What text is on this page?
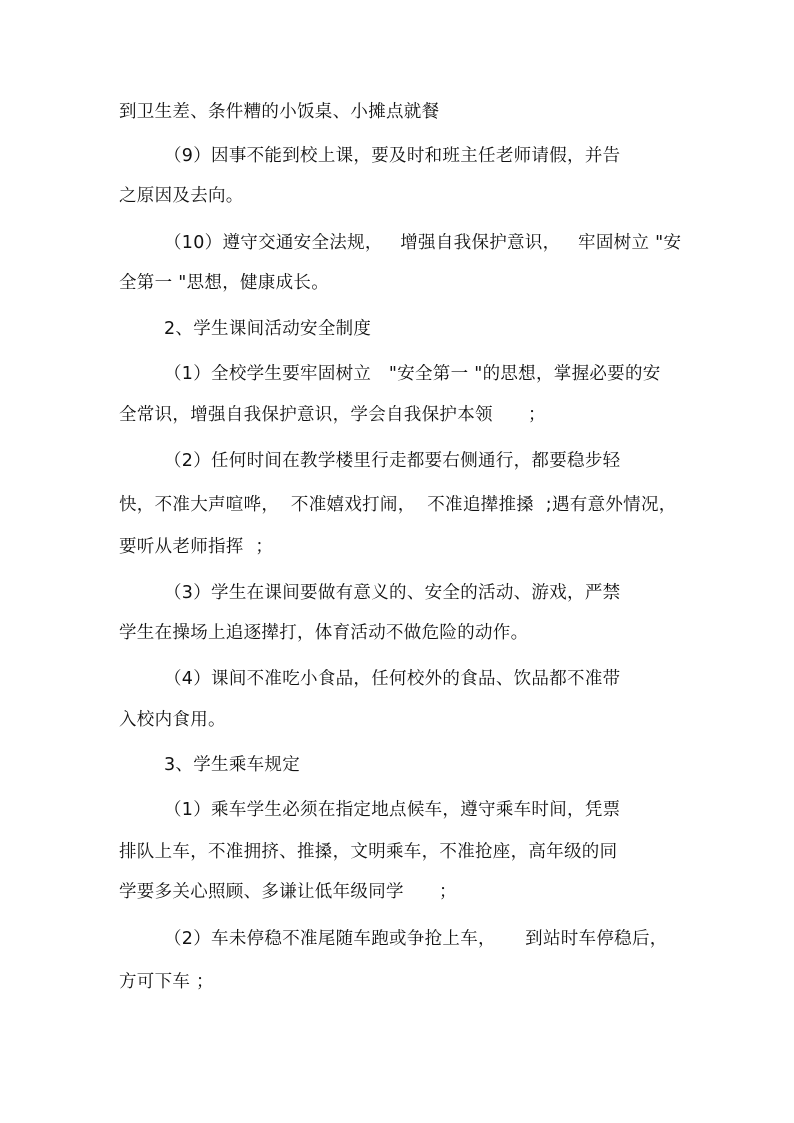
到卫生差、条件糟的小饭桌、小摊点就餐
（9）因事不能到校上课，要及时和班主任老师请假，并告
之原因及去向。
（10）遵守交通安全法规，   增强自我保护意识，   牢固树立 "安
全第一 "思想，健康成长。
2、学生课间活动安全制度
（1）全校学生要牢固树立   "安全第一 "的思想，掌握必要的安
全常识，增强自我保护意识，学会自我保护本领      ；
（2）任何时间在教学楼里行走都要右侧通行，都要稳步轻
快，不准大声喧哗，  不准嬉戏打闹，  不准追撵推搡  ;遇有意外情况，
要听从老师指挥  ；
（3）学生在课间要做有意义的、安全的活动、游戏，严禁
学生在操场上追逐撵打，体育活动不做危险的动作。
（4）课间不准吃小食品，任何校外的食品、饮品都不准带
入校内食用。
3、学生乘车规定
（1）乘车学生必须在指定地点候车，遵守乘车时间，凭票
排队上车，不准拥挤、推搡，文明乘车，不准抢座，高年级的同
学要多关心照顾、多谦让低年级同学      ；
（2）车未停稳不准尾随车跑或争抢上车，     到站时车停稳后，
方可下车 ；
